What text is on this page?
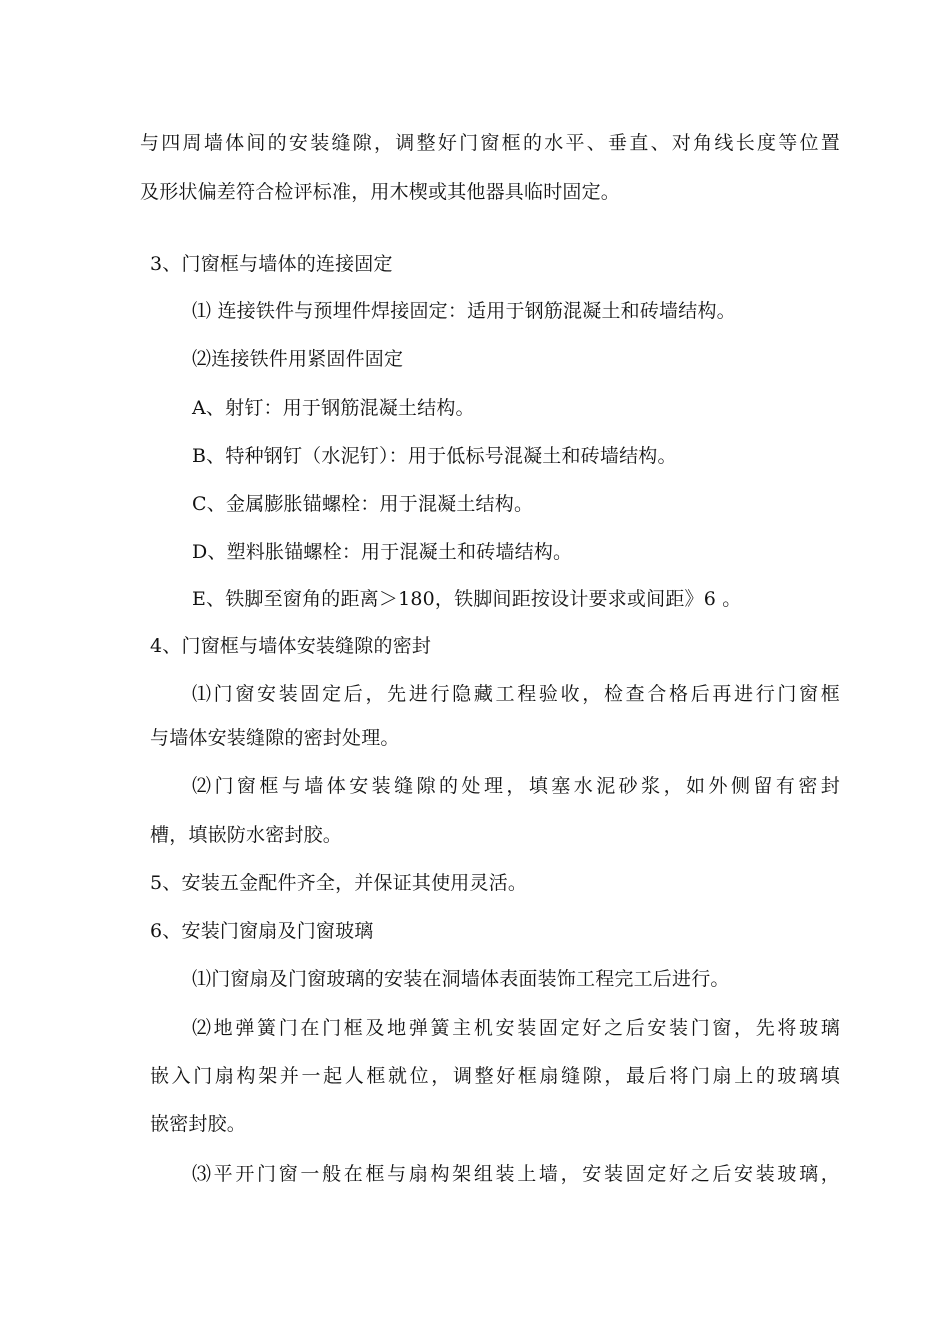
与四周墙体间的安装缝隙，调整好门窗框的水平、垂直、对角线长度等位置
及形状偏差符合检评标准，用木楔或其他器具临时固定。
3、门窗框与墙体的连接固定
⑴ 连接铁件与预埋件焊接固定：适用于钢筋混凝土和砖墙结构。
⑵连接铁件用紧固件固定
A、射钉：用于钢筋混凝土结构。
B、特种钢钉（水泥钉）：用于低标号混凝土和砖墙结构。
C、金属膨胀锚螺栓：用于混凝土结构。
D、塑料胀锚螺栓：用于混凝土和砖墙结构。
E、铁脚至窗角的距离＞180，铁脚间距按设计要求或间距》6 。
4、门窗框与墙体安装缝隙的密封
⑴门窗安装固定后，先进行隐藏工程验收，检查合格后再进行门窗框
与墙体安装缝隙的密封处理。
⑵门窗框与墙体安装缝隙的处理，填塞水泥砂浆，如外侧留有密封
槽，填嵌防水密封胶。
5、安装五金配件齐全，并保证其使用灵活。
6、安装门窗扇及门窗玻璃
⑴门窗扇及门窗玻璃的安装在洞墙体表面装饰工程完工后进行。
⑵地弹簧门在门框及地弹簧主机安装固定好之后安装门窗，先将玻璃
嵌入门扇构架并一起人框就位，调整好框扇缝隙，最后将门扇上的玻璃填
嵌密封胶。
⑶平开门窗一般在框与扇构架组装上墙，安装固定好之后安装玻璃，
